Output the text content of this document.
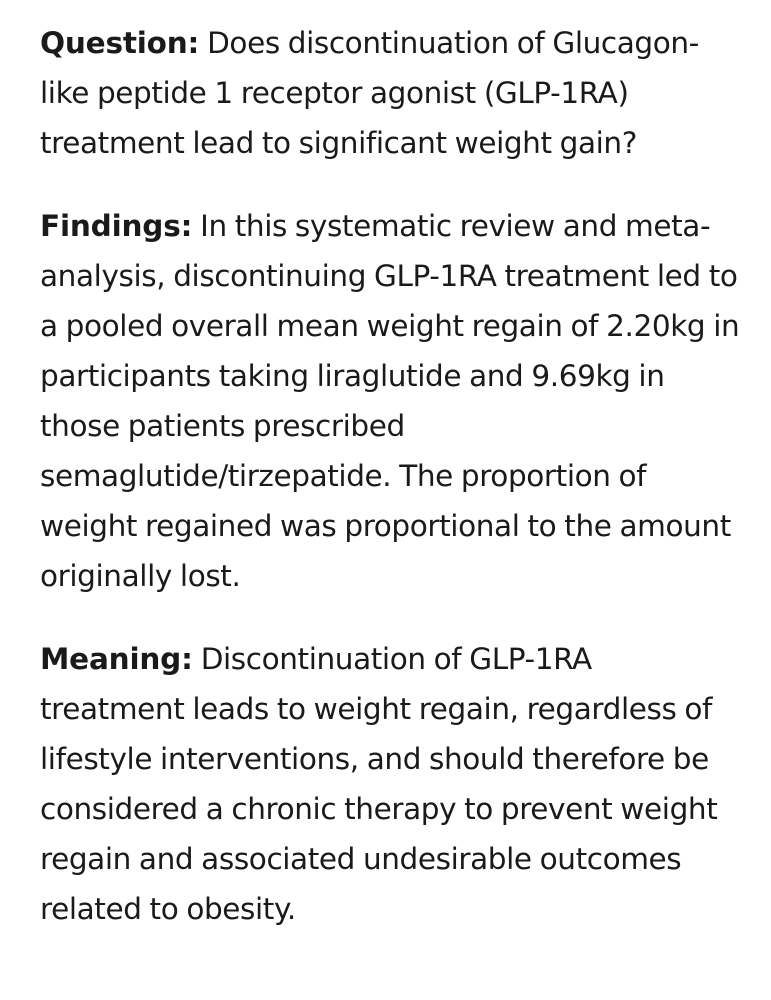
Question: Does discontinuation of Glucagon-like peptide 1 receptor agonist (GLP-1RA) treatment lead to significant weight gain?

Findings: In this systematic review and meta-analysis, discontinuing GLP-1RA treatment led to a pooled overall mean weight regain of 2.20kg in participants taking liraglutide and 9.69kg in those patients prescribed semaglutide/tirzepatide. The proportion of weight regained was proportional to the amount originally lost.

Meaning: Discontinuation of GLP-1RA treatment leads to weight regain, regardless of lifestyle interventions, and should therefore be considered a chronic therapy to prevent weight regain and associated undesirable outcomes related to obesity.
